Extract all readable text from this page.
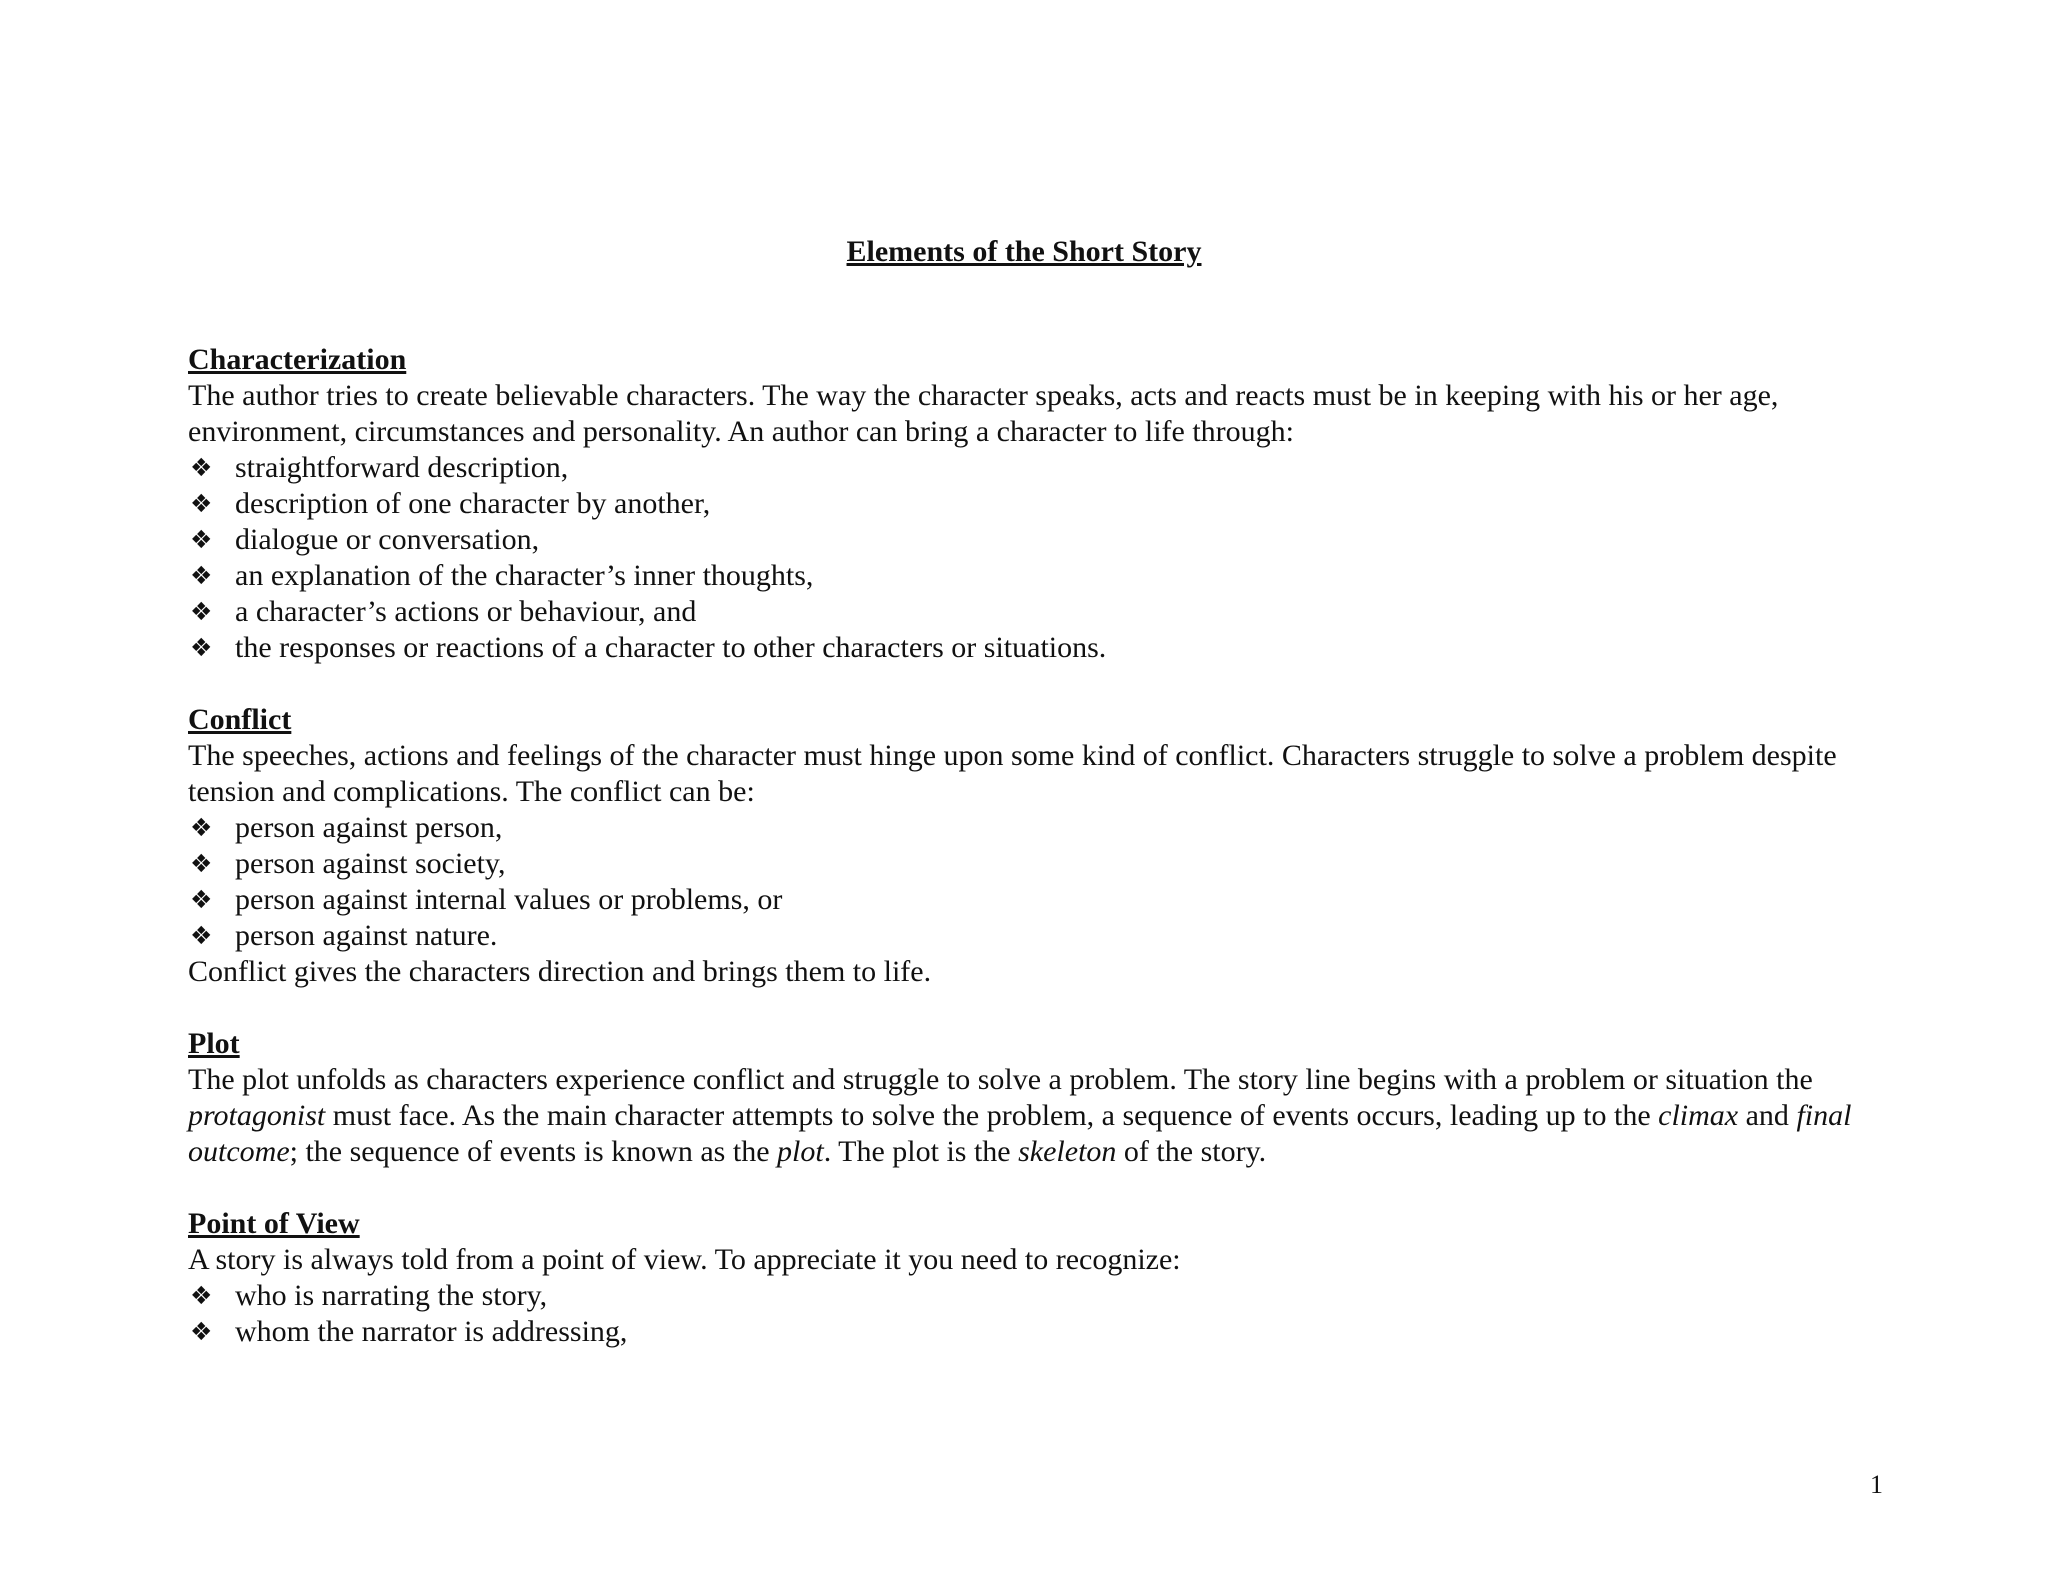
Elements of the Short Story
Characterization
The author tries to create believable characters. The way the character speaks, acts and reacts must be in keeping with his or her age, environment, circumstances and personality. An author can bring a character to life through:
❖ straightforward description,
❖ description of one character by another,
❖ dialogue or conversation,
❖ an explanation of the character’s inner thoughts,
❖ a character’s actions or behaviour, and
❖ the responses or reactions of a character to other characters or situations.
Conflict
The speeches, actions and feelings of the character must hinge upon some kind of conflict. Characters struggle to solve a problem despite tension and complications. The conflict can be:
❖ person against person,
❖ person against society,
❖ person against internal values or problems, or
❖ person against nature.
Conflict gives the characters direction and brings them to life.
Plot
The plot unfolds as characters experience conflict and struggle to solve a problem. The story line begins with a problem or situation the protagonist must face. As the main character attempts to solve the problem, a sequence of events occurs, leading up to the climax and final outcome; the sequence of events is known as the plot. The plot is the skeleton of the story.
Point of View
A story is always told from a point of view. To appreciate it you need to recognize:
❖ who is narrating the story,
❖ whom the narrator is addressing,
1
